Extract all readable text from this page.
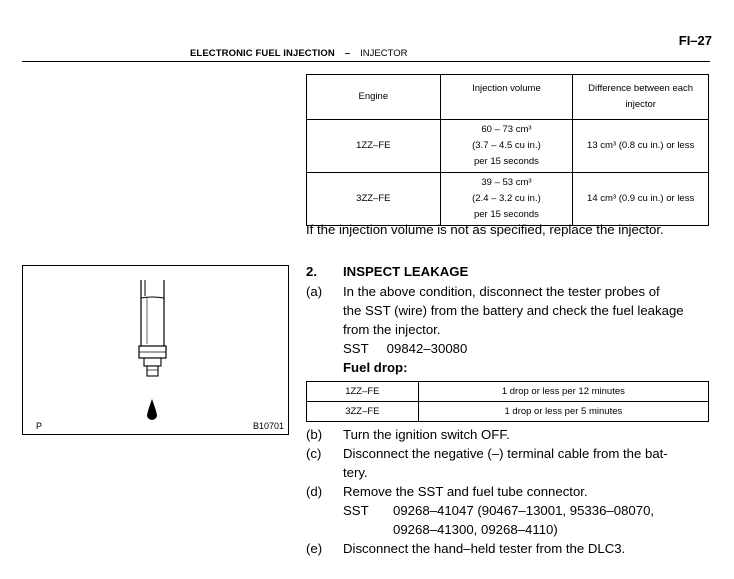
FI–27
ELECTRONIC FUEL INJECTION – INJECTOR
Engine	Injection volume	Difference between each injector
1ZZ–FE	60 – 73 cm³
(3.7 – 4.5 cu in.)
per 15 seconds	13 cm³ (0.8 cu in.) or less
3ZZ–FE	39 – 53 cm³
(2.4 – 3.2 cu in.)
per 15 seconds	14 cm³ (0.9 cu in.) or less
If the injection volume is not as specified, replace the injector.
P	B10701
2. INSPECT LEAKAGE
(a) In the above condition, disconnect the tester probes of
the SST (wire) from the battery and check the fuel leakage
from the injector.
SST 09842–30080
Fuel drop:
1ZZ–FE	1 drop or less per 12 minutes
3ZZ–FE	1 drop or less per 5 minutes
(b) Turn the ignition switch OFF.
(c) Disconnect the negative (–) terminal cable from the bat-
tery.
(d) Remove the SST and fuel tube connector.
SST 09268–41047 (90467–13001, 95336–08070,
09268–41300, 09268–4110)
(e) Disconnect the hand–held tester from the DLC3.
